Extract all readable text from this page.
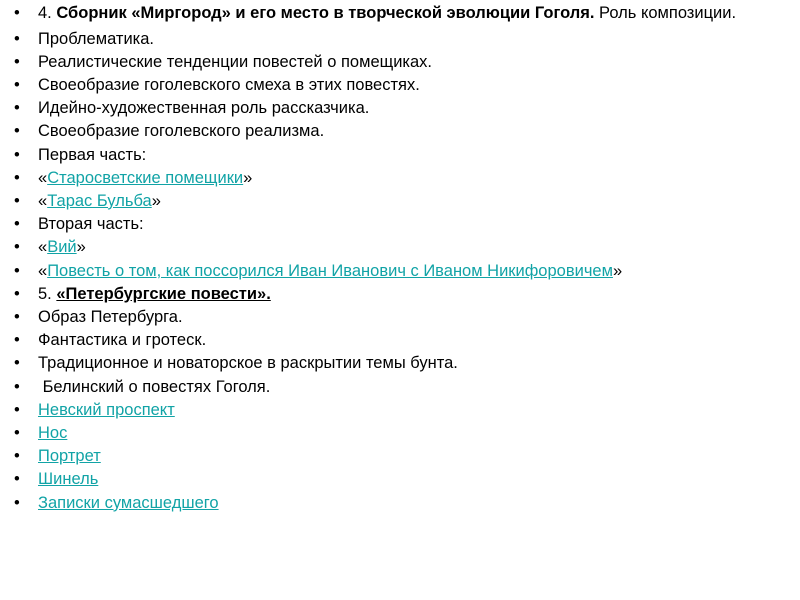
•	4. Сборник «Миргород» и его место в творческой эволюции Гоголя. Роль композиции.
•	Проблематика.
•	Реалистические тенденции повестей о помещиках.
•	Своеобразие гоголевского смеха в этих повестях.
•	Идейно-художественная роль рассказчика.
•	Своеобразие гоголевского реализма.
•	Первая часть:
•	«Старосветские помещики»
•	«Тарас Бульба»
•	Вторая часть:
•	«Вий»
•	«Повесть о том, как поссорился Иван Иванович с Иваном Никифоровичем»
•	5. «Петербургские повести».
•	Образ Петербурга.
•	Фантастика и гротеск.
•	Традиционное и новаторское в раскрытии темы бунта.
•	Белинский о повестях Гоголя.
•	Невский проспект
•	Нос
•	Портрет
•	Шинель
•	Записки сумасшедшего
